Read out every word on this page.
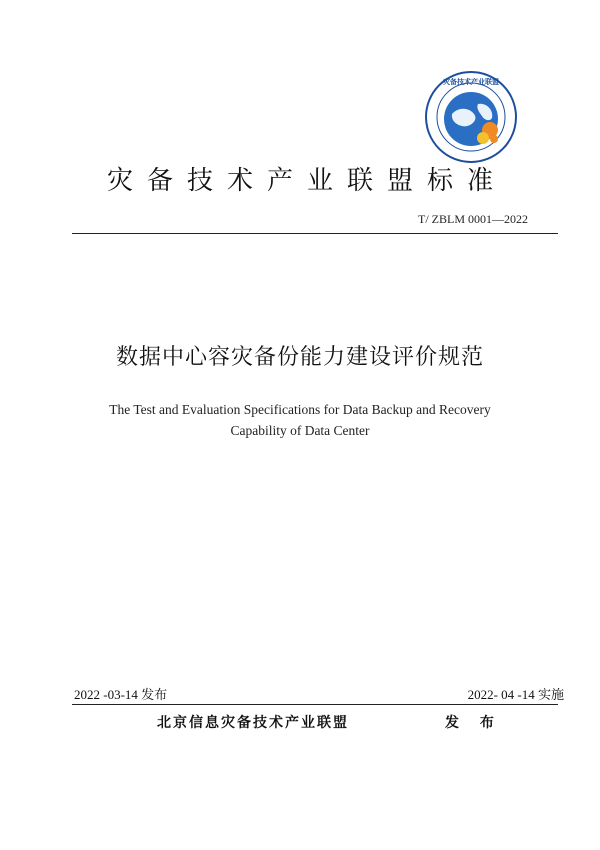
灾备技术产业联盟
灾备技术产业联盟标准
T/ ZBLM 0001—2022
数据中心容灾备份能力建设评价规范
The Test and Evaluation Specifications for Data Backup and Recovery
Capability of Data Center
2022 -03-14 发布	2022- 04 -14 实施
北京信息灾备技术产业联盟	发 布
